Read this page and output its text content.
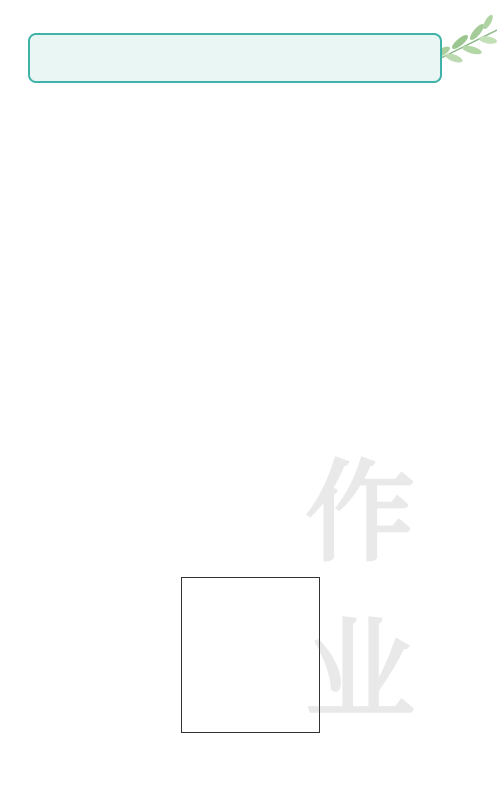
作业
